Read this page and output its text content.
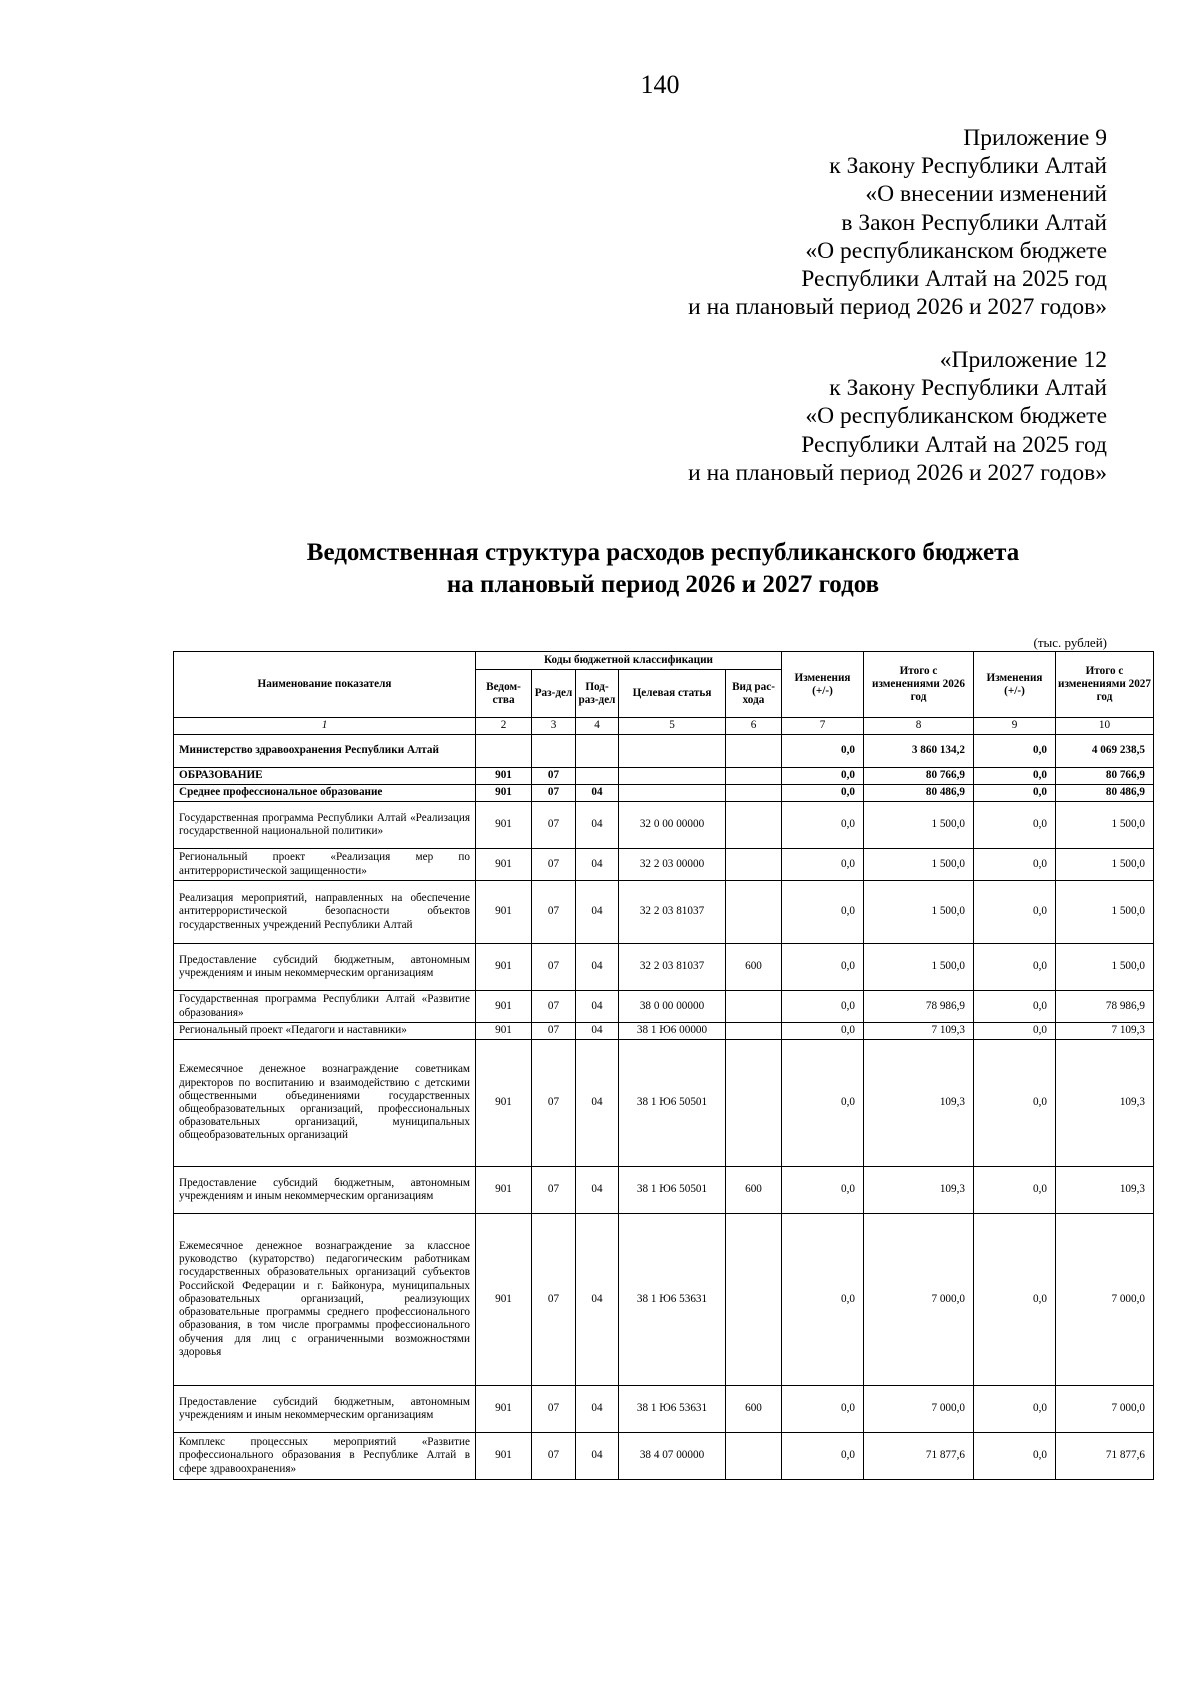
140
Приложение 9
к Закону Республики Алтай
«О внесении изменений
в Закон Республики Алтай
«О республиканском бюджете
Республики Алтай на 2025 год
и на плановый период 2026 и 2027 годов»
«Приложение 12
к Закону Республики Алтай
«О республиканском бюджете
Республики Алтай на 2025 год
и на плановый период 2026 и 2027 годов»
Ведомственная структура расходов республиканского бюджета
на плановый период 2026 и 2027 годов
(тыс. рублей)
Наименование показателя	Коды бюджетной классификации					Изменения (+/-)	Итого с изменениями 2026 год	Изменения (+/-)	Итого с изменениями 2027 год
	Ведом-ства	Раз-дел	Под-раз-дел	Целевая статья	Вид рас-хода				
1	2	3	4	5	6	7	8	9	10
Министерство здравоохранения Республики Алтай						0,0	3 860 134,2	0,0	4 069 238,5
ОБРАЗОВАНИЕ	901	07				0,0	80 766,9	0,0	80 766,9
Среднее профессиональное образование	901	07	04			0,0	80 486,9	0,0	80 486,9
Государственная программа Республики Алтай «Реализация государственной национальной политики»	901	07	04	32 0 00 00000		0,0	1 500,0	0,0	1 500,0
Региональный проект «Реализация мер по антитеррористической защищенности»	901	07	04	32 2 03 00000		0,0	1 500,0	0,0	1 500,0
Реализация мероприятий, направленных на обеспечение антитеррористической безопасности объектов государственных учреждений Республики Алтай	901	07	04	32 2 03 81037		0,0	1 500,0	0,0	1 500,0
Предоставление субсидий бюджетным, автономным учреждениям и иным некоммерческим организациям	901	07	04	32 2 03 81037	600	0,0	1 500,0	0,0	1 500,0
Государственная программа Республики Алтай «Развитие образования»	901	07	04	38 0 00 00000		0,0	78 986,9	0,0	78 986,9
Региональный проект «Педагоги и наставники»	901	07	04	38 1 Ю6 00000		0,0	7 109,3	0,0	7 109,3
Ежемесячное денежное вознаграждение советникам директоров по воспитанию и взаимодействию с детскими общественными объединениями государственных общеобразовательных организаций, профессиональных образовательных организаций, муниципальных общеобразовательных организаций	901	07	04	38 1 Ю6 50501		0,0	109,3	0,0	109,3
Предоставление субсидий бюджетным, автономным учреждениям и иным некоммерческим организациям	901	07	04	38 1 Ю6 50501	600	0,0	109,3	0,0	109,3
Ежемесячное денежное вознаграждение за классное руководство (кураторство) педагогическим работникам государственных образовательных организаций субъектов Российской Федерации и г. Байконура, муниципальных образовательных организаций, реализующих образовательные программы среднего профессионального образования, в том числе программы профессионального обучения для лиц с ограниченными возможностями здоровья	901	07	04	38 1 Ю6 53631		0,0	7 000,0	0,0	7 000,0
Предоставление субсидий бюджетным, автономным учреждениям и иным некоммерческим организациям	901	07	04	38 1 Ю6 53631	600	0,0	7 000,0	0,0	7 000,0
Комплекс процессных мероприятий «Развитие профессионального образования в Республике Алтай в сфере здравоохранения»	901	07	04	38 4 07 00000		0,0	71 877,6	0,0	71 877,6
